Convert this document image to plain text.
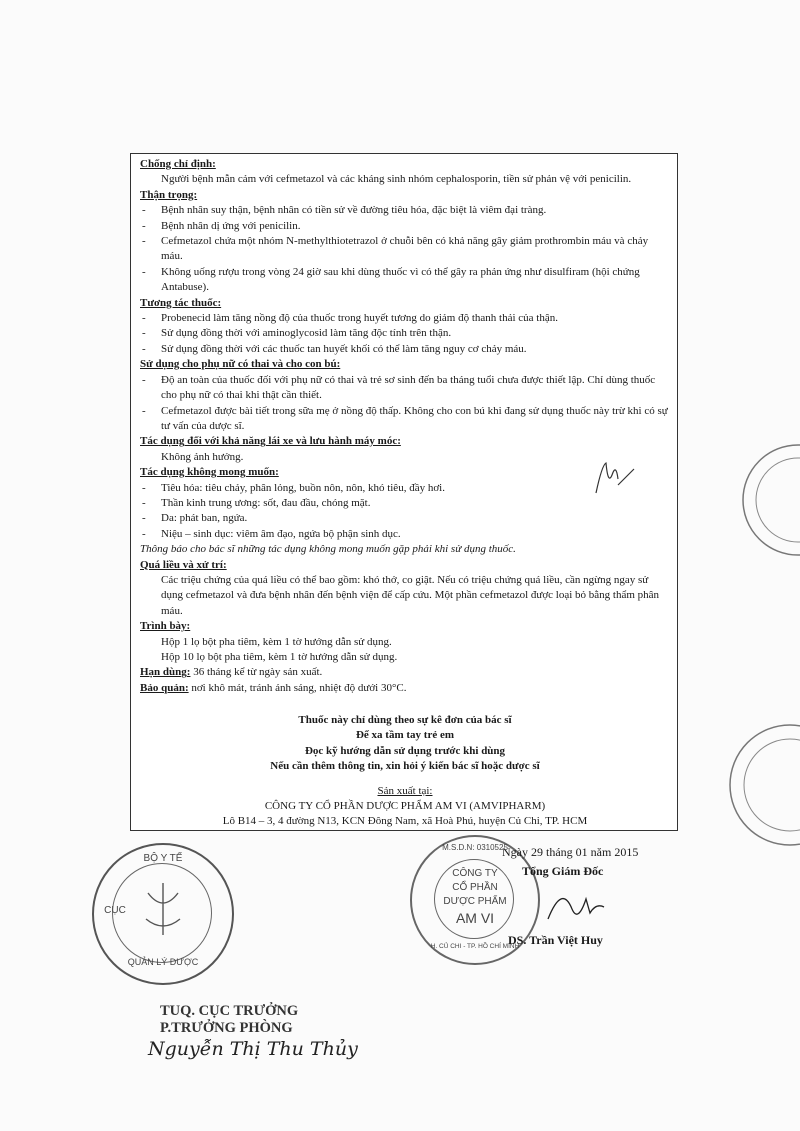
Chống chỉ định:
Người bệnh mẫn cảm với cefmetazol và các kháng sinh nhóm cephalosporin, tiền sử phản vệ với penicilin.
Thận trọng:
- Bệnh nhân suy thận, bệnh nhân có tiền sử về đường tiêu hóa, đặc biệt là viêm đại tràng.
- Bệnh nhân dị ứng với penicilin.
- Cefmetazol chứa một nhóm N-methylthiotetrazol ở chuỗi bên có khả năng gây giảm prothrombin máu và chảy máu.
- Không uống rượu trong vòng 24 giờ sau khi dùng thuốc vì có thể gây ra phản ứng như disulfiram (hội chứng Antabuse).
Tương tác thuốc:
- Probenecid làm tăng nồng độ của thuốc trong huyết tương do giảm độ thanh thải của thận.
- Sử dụng đồng thời với aminoglycosid làm tăng độc tính trên thận.
- Sử dụng đồng thời với các thuốc tan huyết khối có thể làm tăng nguy cơ chảy máu.
Sử dụng cho phụ nữ có thai và cho con bú:
- Độ an toàn của thuốc đối với phụ nữ có thai và trẻ sơ sinh đến ba tháng tuổi chưa được thiết lập. Chỉ dùng thuốc cho phụ nữ có thai khi thật cần thiết.
- Cefmetazol được bài tiết trong sữa mẹ ở nồng độ thấp. Không cho con bú khi đang sử dụng thuốc này trừ khi có sự tư vấn của dược sĩ.
Tác dụng đối với khả năng lái xe và lưu hành máy móc:
Không ảnh hưởng.
Tác dụng không mong muốn:
- Tiêu hóa: tiêu chảy, phân lỏng, buồn nôn, nôn, khó tiêu, đầy hơi.
- Thần kinh trung ương: sốt, đau đầu, chóng mặt.
- Da: phát ban, ngứa.
- Niệu – sinh dục: viêm âm đạo, ngứa bộ phận sinh dục.
Thông báo cho bác sĩ những tác dụng không mong muốn gặp phải khi sử dụng thuốc.
Quá liều và xử trí:
Các triệu chứng của quá liều có thể bao gồm: khó thở, co giật. Nếu có triệu chứng quá liều, cần ngừng ngay sử dụng cefmetazol và đưa bệnh nhân đến bệnh viện để cấp cứu. Một phần cefmetazol được loại bỏ bằng thẩm phân máu.
Trình bày:
Hộp 1 lọ bột pha tiêm, kèm 1 tờ hướng dẫn sử dụng.
Hộp 10 lọ bột pha tiêm, kèm 1 tờ hướng dẫn sử dụng.
Hạn dùng: 36 tháng kể từ ngày sản xuất.
Bảo quản: nơi khô mát, tránh ánh sáng, nhiệt độ dưới 30°C.
Thuốc này chỉ dùng theo sự kê đơn của bác sĩ
Để xa tầm tay trẻ em
Đọc kỹ hướng dẫn sử dụng trước khi dùng
Nếu cần thêm thông tin, xin hỏi ý kiến bác sĩ hoặc dược sĩ
Sản xuất tại:
CÔNG TY CỔ PHẦN DƯỢC PHẨM AM VI (AMVIPHARM)
Lô B14 – 3, 4 đường N13, KCN Đông Nam, xã Hoà Phú, huyện Củ Chi, TP. HCM
M.S.D.N: 0310525
CÔNG TY
CỔ PHẦN
DƯỢC PHẨM
AM VI
H. CỦ CHI - TP. HỒ CHÍ MINH
Ngày 29 tháng 01 năm 2015
Tổng Giám Đốc
DS. Trần Việt Huy
BỘ Y TẾ
CỤC
QUẢN LÝ DƯỢC
TUQ. CỤC TRƯỞNG
P.TRƯỞNG PHÒNG
Nguyễn Thị Thu Thủy
